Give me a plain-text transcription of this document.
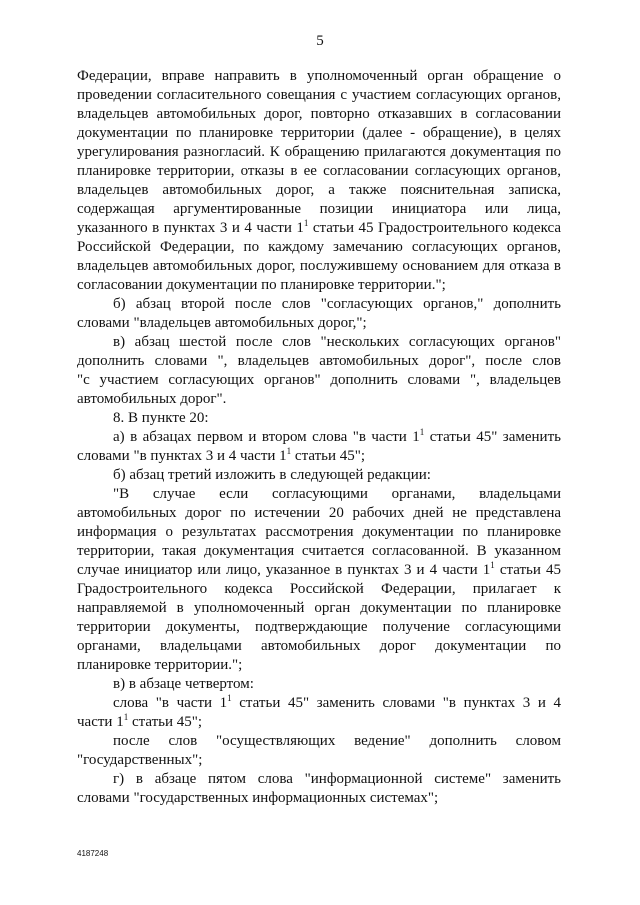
5

Федерации, вправе направить в уполномоченный орган обращение о

проведении согласительного совещания с участием согласующих органов,

владельцев автомобильных дорог, повторно отказавших в согласовании

документации по планировке территории (далее - обращение), в целях

урегулирования разногласий. К обращению прилагаются документация по

планировке территории, отказы в ее согласовании согласующих органов,

владельцев автомобильных дорог, а также пояснительная записка,

содержащая аргументированные позиции инициатора или лица,

указанного в пунктах 3 и 4 части $1^1$ статьи 45 Градостроительного кодекса

Российской Федерации, по каждому замечанию согласующих органов,

владельцев автомобильных дорог, послужившему основанием для отказа в

согласовании документации по планировке территории.";

б) абзац второй после слов "согласующих органов," дополнить

словами "владельцев автомобильных дорог,";

в) абзац шестой после слов "нескольких согласующих органов"

дополнить словами ", владельцев автомобильных дорог", после слов

"с участием согласующих органов" дополнить словами ", владельцев

автомобильных дорог".

8. В пункте 20:

а) в абзацах первом и втором слова "в части $1^1$ статьи 45" заменить

словами "в пунктах 3 и 4 части $1^1$ статьи 45";

б) абзац третий изложить в следующей редакции:

"В случае если согласующими органами, владельцами

автомобильных дорог по истечении 20 рабочих дней не представлена

информация о результатах рассмотрения документации по планировке

территории, такая документация считается согласованной. В указанном

случае инициатор или лицо, указанное в пунктах 3 и 4 части $1^1$ статьи 45

Градостроительного кодекса Российской Федерации, прилагает к

направляемой в уполномоченный орган документации по планировке

территории документы, подтверждающие получение согласующими

органами, владельцами автомобильных дорог документации по

планировке территории.";

в) в абзаце четвертом:

слова "в части $1^1$ статьи 45" заменить словами "в пунктах 3 и 4

части $1^1$ статьи 45";

после слов "осуществляющих ведение" дополнить словом

"государственных";

г) в абзаце пятом слова "информационной системе" заменить

словами "государственных информационных системах";

4187248
